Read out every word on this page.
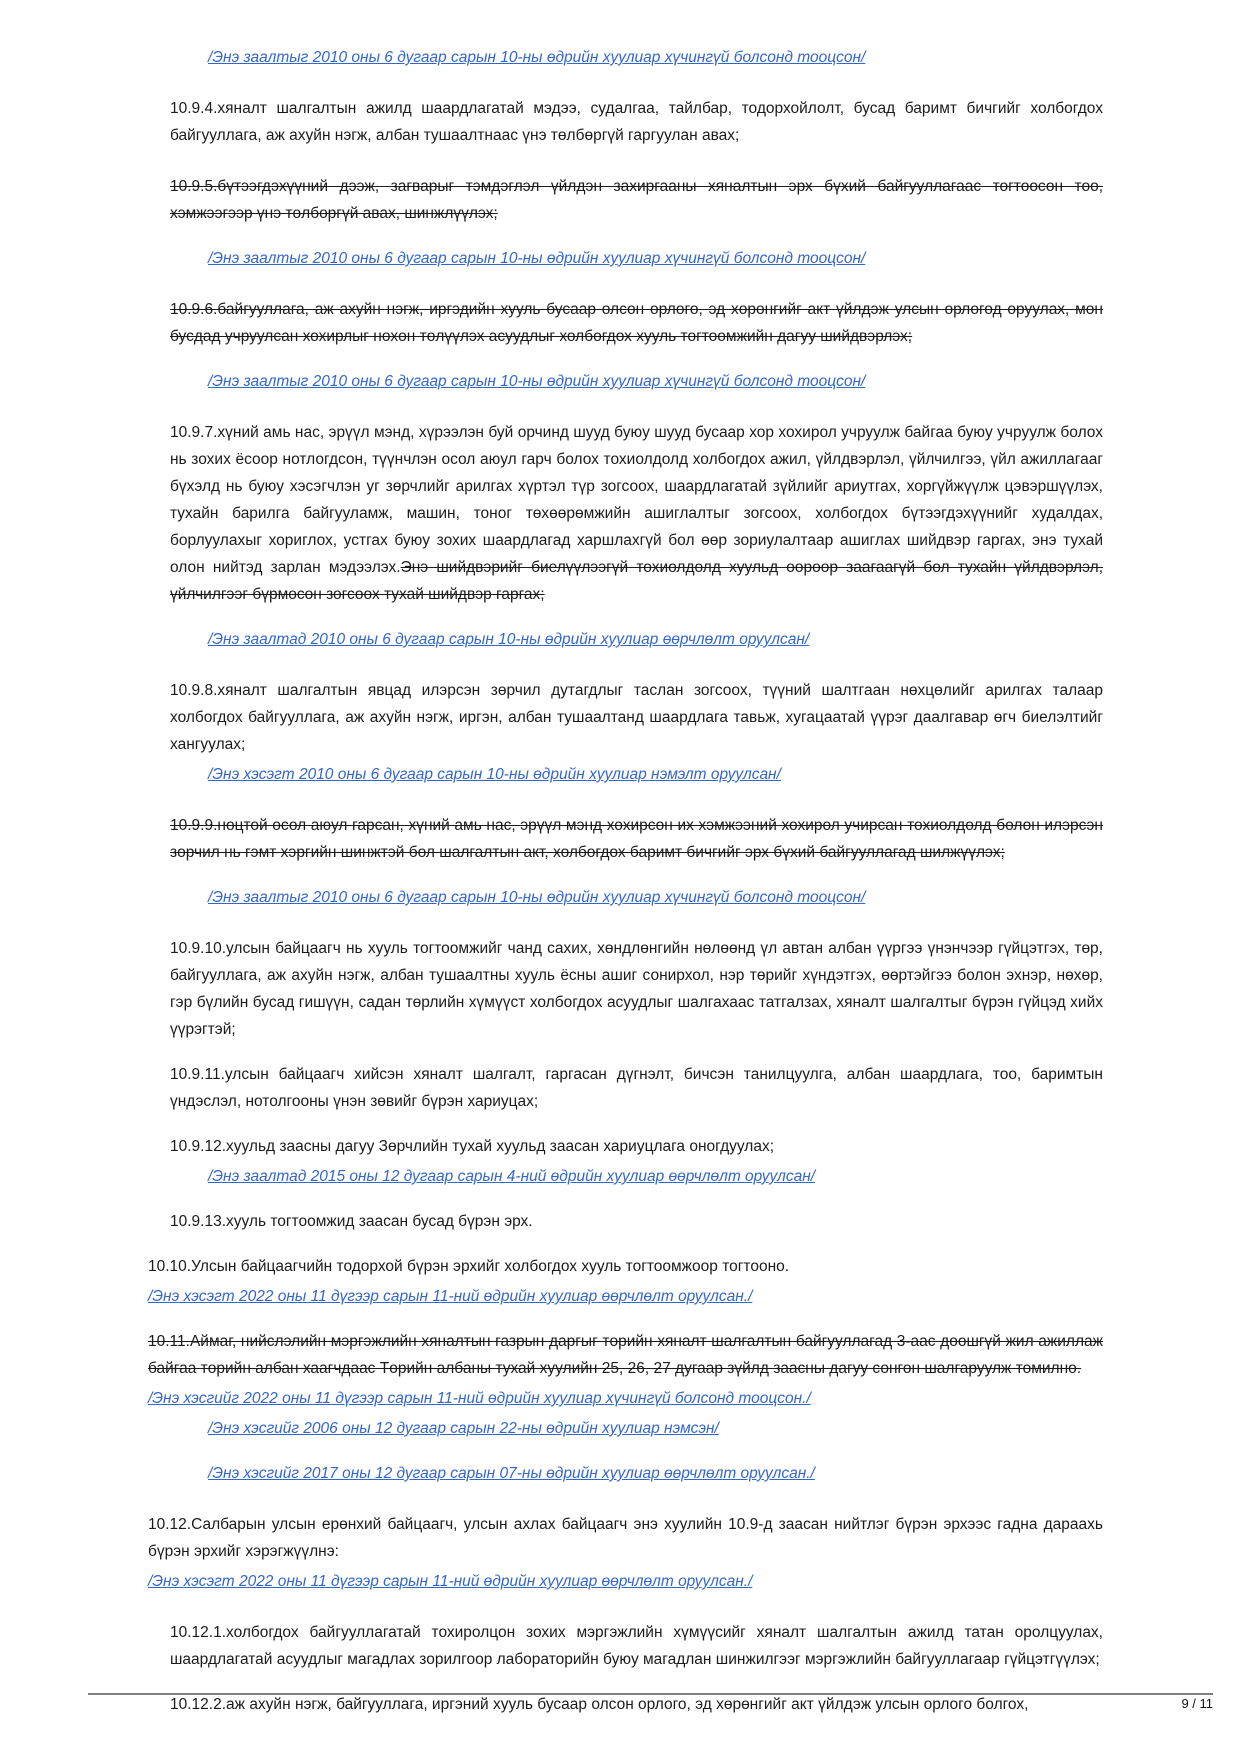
/Энэ заалтыг 2010 оны 6 дугаар сарын 10-ны өдрийн хуулиар хүчингүй болсонд тооцсон/

10.9.4.хяналт шалгалтын ажилд шаардлагатай мэдээ, судалгаа, тайлбар, тодорхойлолт, бусад баримт бичгийг холбогдох байгууллага, аж ахуйн нэгж, албан тушаалтнаас үнэ төлбөргүй гаргуулан авах;

10.9.5.бүтээгдэхүүний дээж, загварыг тэмдэглэл үйлдэн захиргааны хяналтын эрх бүхий байгууллагаас тогтоосон тоо, хэмжээгээр үнэ төлбөргүй авах, шинжлүүлэх;

/Энэ заалтыг 2010 оны 6 дугаар сарын 10-ны өдрийн хуулиар хүчингүй болсонд тооцсон/

10.9.6.байгууллага, аж ахуйн нэгж, иргэдийн хууль бусаар олсон орлого, эд хөрөнгийг акт үйлдэж улсын орлогод оруулах, мөн бусдад учруулсан хохирлыг нөхөн төлүүлэх асуудлыг холбогдох хууль тогтоомжийн дагуу шийдвэрлэх;

/Энэ заалтыг 2010 оны 6 дугаар сарын 10-ны өдрийн хуулиар хүчингүй болсонд тооцсон/

10.9.7.хүний амь нас, эрүүл мэнд, хүрээлэн буй орчинд шууд буюу шууд бусаар хор хохирол учруулж байгаа буюу учруулж болох нь зохих ёсоор нотлогдсон, түүнчлэн осол аюул гарч болох тохиолдолд холбогдох ажил, үйлдвэрлэл, үйлчилгээ, үйл ажиллагааг бүхэлд нь буюу хэсэгчлэн уг зөрчлийг арилгах хүртэл түр зогсоох, шаардлагатай зүйлийг ариутгах, хоргүйжүүлж цэвэршүүлэх, тухайн барилга байгууламж, машин, тоног төхөөрөмжийн ашиглалтыг зогсоох, холбогдох бүтээгдэхүүнийг худалдах, борлуулахыг хориглох, устгах буюу зохих шаардлагад харшлахгүй бол өөр зориулалтаар ашиглах шийдвэр гаргах, энэ тухай олон нийтэд зарлан мэдээлэх.Энэ шийдвэрийг биелүүлээгүй тохиолдолд хуульд өөрөөр заагаагүй бол тухайн үйлдвэрлэл, үйлчилгээг бүрмөсөн зогсоох тухай шийдвэр гаргах;

/Энэ заалтад 2010 оны 6 дугаар сарын 10-ны өдрийн хуулиар өөрчлөлт оруулсан/

10.9.8.хяналт шалгалтын явцад илэрсэн зөрчил дутагдлыг таслан зогсоох, түүний шалтгаан нөхцөлийг арилгах талаар холбогдох байгууллага, аж ахуйн нэгж, иргэн, албан тушаалтанд шаардлага тавьж, хугацаатай үүрэг даалгавар өгч биелэлтийг хангуулах;

/Энэ хэсэгт 2010 оны 6 дугаар сарын 10-ны өдрийн хуулиар нэмэлт оруулсан/

10.9.9.ноцтой осол аюул гарсан, хүний амь нас, эрүүл мэнд хохирсон их хэмжээний хохирол учирсан тохиолдолд болон илэрсэн зөрчил нь гэмт хэргийн шинжтэй бол шалгалтын акт, холбогдох баримт бичгийг эрх бүхий байгууллагад шилжүүлэх;

/Энэ заалтыг 2010 оны 6 дугаар сарын 10-ны өдрийн хуулиар хүчингүй болсонд тооцсон/

10.9.10.улсын байцаагч нь хууль тогтоомжийг чанд сахих, хөндлөнгийн нөлөөнд үл автан албан үүргээ үнэнчээр гүйцэтгэх, төр, байгууллага, аж ахуйн нэгж, албан тушаалтны хууль ёсны ашиг сонирхол, нэр төрийг хүндэтгэх, өөртэйгээ болон эхнэр, нөхөр, гэр бүлийн бусад гишүүн, садан төрлийн хүмүүст холбогдох асуудлыг шалгахаас татгалзах, хяналт шалгалтыг бүрэн гүйцэд хийх үүрэгтэй;

10.9.11.улсын байцаагч хийсэн хяналт шалгалт, гаргасан дүгнэлт, бичсэн танилцуулга, албан шаардлага, тоо, баримтын үндэслэл, нотолгооны үнэн зөвийг бүрэн хариуцах;

10.9.12.хуульд заасны дагуу Зөрчлийн тухай хуульд заасан хариуцлага оногдуулах;

/Энэ заалтад 2015 оны 12 дугаар сарын 4-ний өдрийн хуулиар өөрчлөлт оруулсан/

10.9.13.хууль тогтоомжид заасан бусад бүрэн эрх.

10.10.Улсын байцаагчийн тодорхой бүрэн эрхийг холбогдох хууль тогтоомжоор тогтооно.

/Энэ хэсэгт 2022 оны 11 дүгээр сарын 11-ний өдрийн хуулиар өөрчлөлт оруулсан./

10.11.Аймаг, нийслэлийн мэргэжлийн хяналтын газрын даргыг төрийн хяналт шалгалтын байгууллагад 3-аас доошгүй жил ажиллаж байгаа төрийн албан хаагчдаас Төрийн албаны тухай хуулийн 25, 26, 27 дугаар зүйлд заасны дагуу сонгон шалгаруулж томилно.

/Энэ хэсгийг 2022 оны 11 дүгээр сарын 11-ний өдрийн хуулиар хүчингүй болсонд тооцсон./

/Энэ хэсгийг 2006 оны 12 дугаар сарын 22-ны өдрийн хуулиар нэмсэн/

/Энэ хэсгийг 2017 оны 12 дугаар сарын 07-ны өдрийн хуулиар өөрчлөлт оруулсан./

10.12.Салбарын улсын ерөнхий байцаагч, улсын ахлах байцаагч энэ хуулийн 10.9-д заасан нийтлэг бүрэн эрхээс гадна дараахь бүрэн эрхийг хэрэгжүүлнэ:

/Энэ хэсэгт 2022 оны 11 дүгээр сарын 11-ний өдрийн хуулиар өөрчлөлт оруулсан./

10.12.1.холбогдох байгууллагатай тохиролцон зохих мэргэжлийн хүмүүсийг хяналт шалгалтын ажилд татан оролцуулах, шаардлагатай асуудлыг магадлах зорилгоор лабораторийн буюу магадлан шинжилгээг мэргэжлийн байгууллагаар гүйцэтгүүлэх;

10.12.2.аж ахуйн нэгж, байгууллага, иргэний хууль бусаар олсон орлого, эд хөрөнгийг акт үйлдэж улсын орлого болгох,	9 / 11
